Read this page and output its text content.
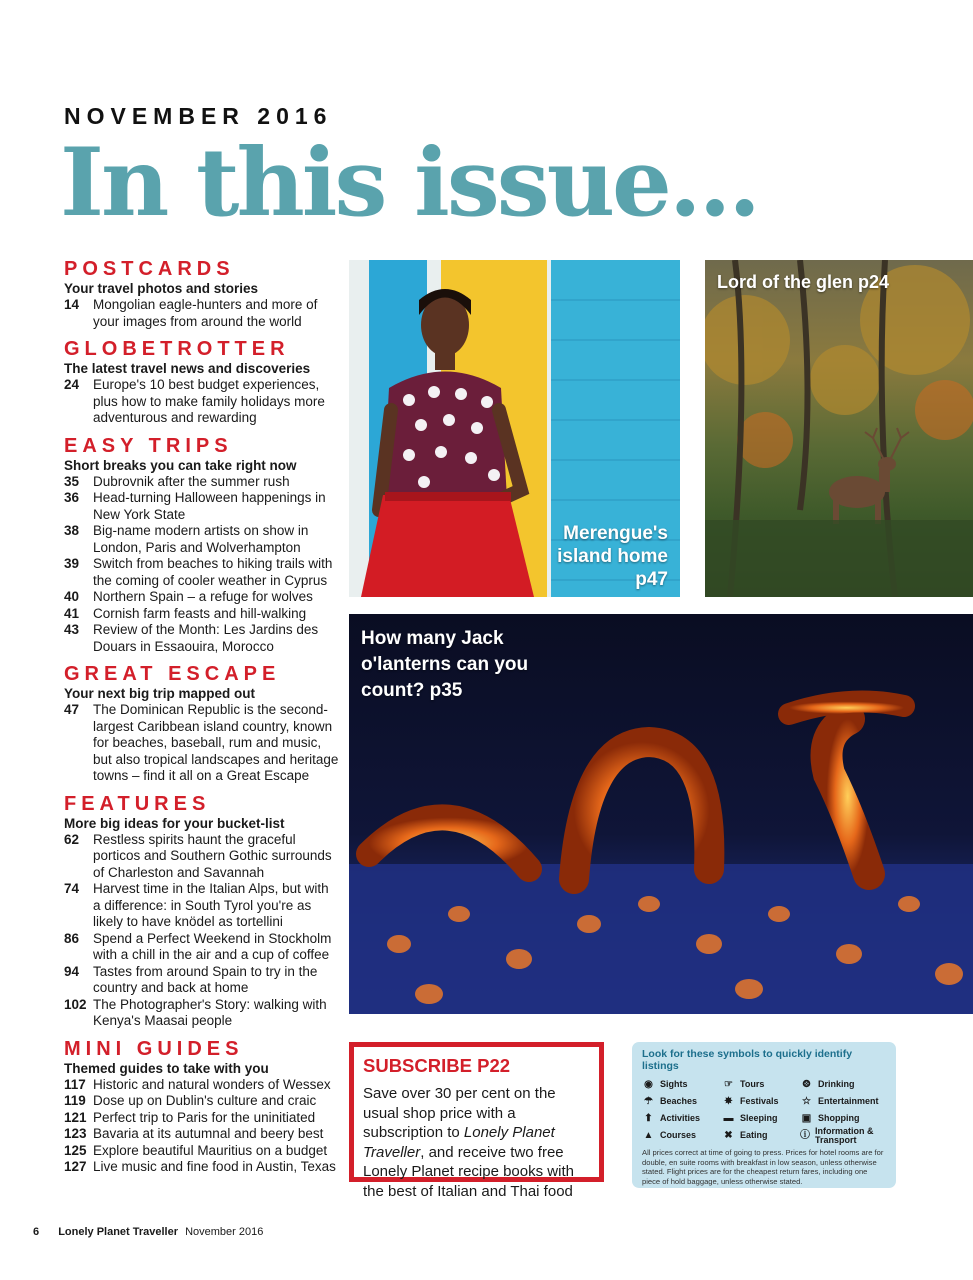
NOVEMBER 2016
In this issue...
POSTCARDS
Your travel photos and stories
14	Mongolian eagle-hunters and more of your images from around the world
GLOBETROTTER
The latest travel news and discoveries
24	Europe's 10 best budget experiences, plus how to make family holidays more adventurous and rewarding
EASY TRIPS
Short breaks you can take right now
35	Dubrovnik after the summer rush
36	Head-turning Halloween happenings in New York State
38	Big-name modern artists on show in London, Paris and Wolverhampton
39	Switch from beaches to hiking trails with the coming of cooler weather in Cyprus
40	Northern Spain – a refuge for wolves
41	Cornish farm feasts and hill-walking
43	Review of the Month: Les Jardins des Douars in Essaouira, Morocco
GREAT ESCAPE
Your next big trip mapped out
47	The Dominican Republic is the second-largest Caribbean island country, known for beaches, baseball, rum and music, but also tropical landscapes and heritage towns – find it all on a Great Escape
FEATURES
More big ideas for your bucket-list
62	Restless spirits haunt the graceful porticos and Southern Gothic surrounds of Charleston and Savannah
74	Harvest time in the Italian Alps, but with a difference: in South Tyrol you're as likely to have knödel as tortellini
86	Spend a Perfect Weekend in Stockholm with a chill in the air and a cup of coffee
94	Tastes from around Spain to try in the country and back at home
102 The Photographer's Story: walking with Kenya's Maasai people
MINI GUIDES
Themed guides to take with you
117 Historic and natural wonders of Wessex
119 Dose up on Dublin's culture and craic
121 Perfect trip to Paris for the uninitiated
123 Bavaria at its autumnal and beery best
125 Explore beautiful Mauritius on a budget
127 Live music and fine food in Austin, Texas
Merengue's island home p47
Lord of the glen p24
How many Jack o'lanterns can you count? p35
SUBSCRIBE P22
Save over 30 per cent on the usual shop price with a subscription to Lonely Planet Traveller, and receive two free Lonely Planet recipe books with the best of Italian and Thai food
Look for these symbols to quickly identify listings
◉ Sights	☞ Tours	⨷ Drinking
☂ Beaches	✸ Festivals ☆ Entertainment
⬆ Activities ▬ Sleeping ▣ Shopping
▲ Courses	✖ Eating	ⓘ Information & Transport
All prices correct at time of going to press. Prices for hotel rooms are for double, en suite rooms with breakfast in low season, unless otherwise stated. Flight prices are for the cheapest return fares, including one piece of hold baggage, unless otherwise stated.
6 Lonely Planet Traveller November 2016
